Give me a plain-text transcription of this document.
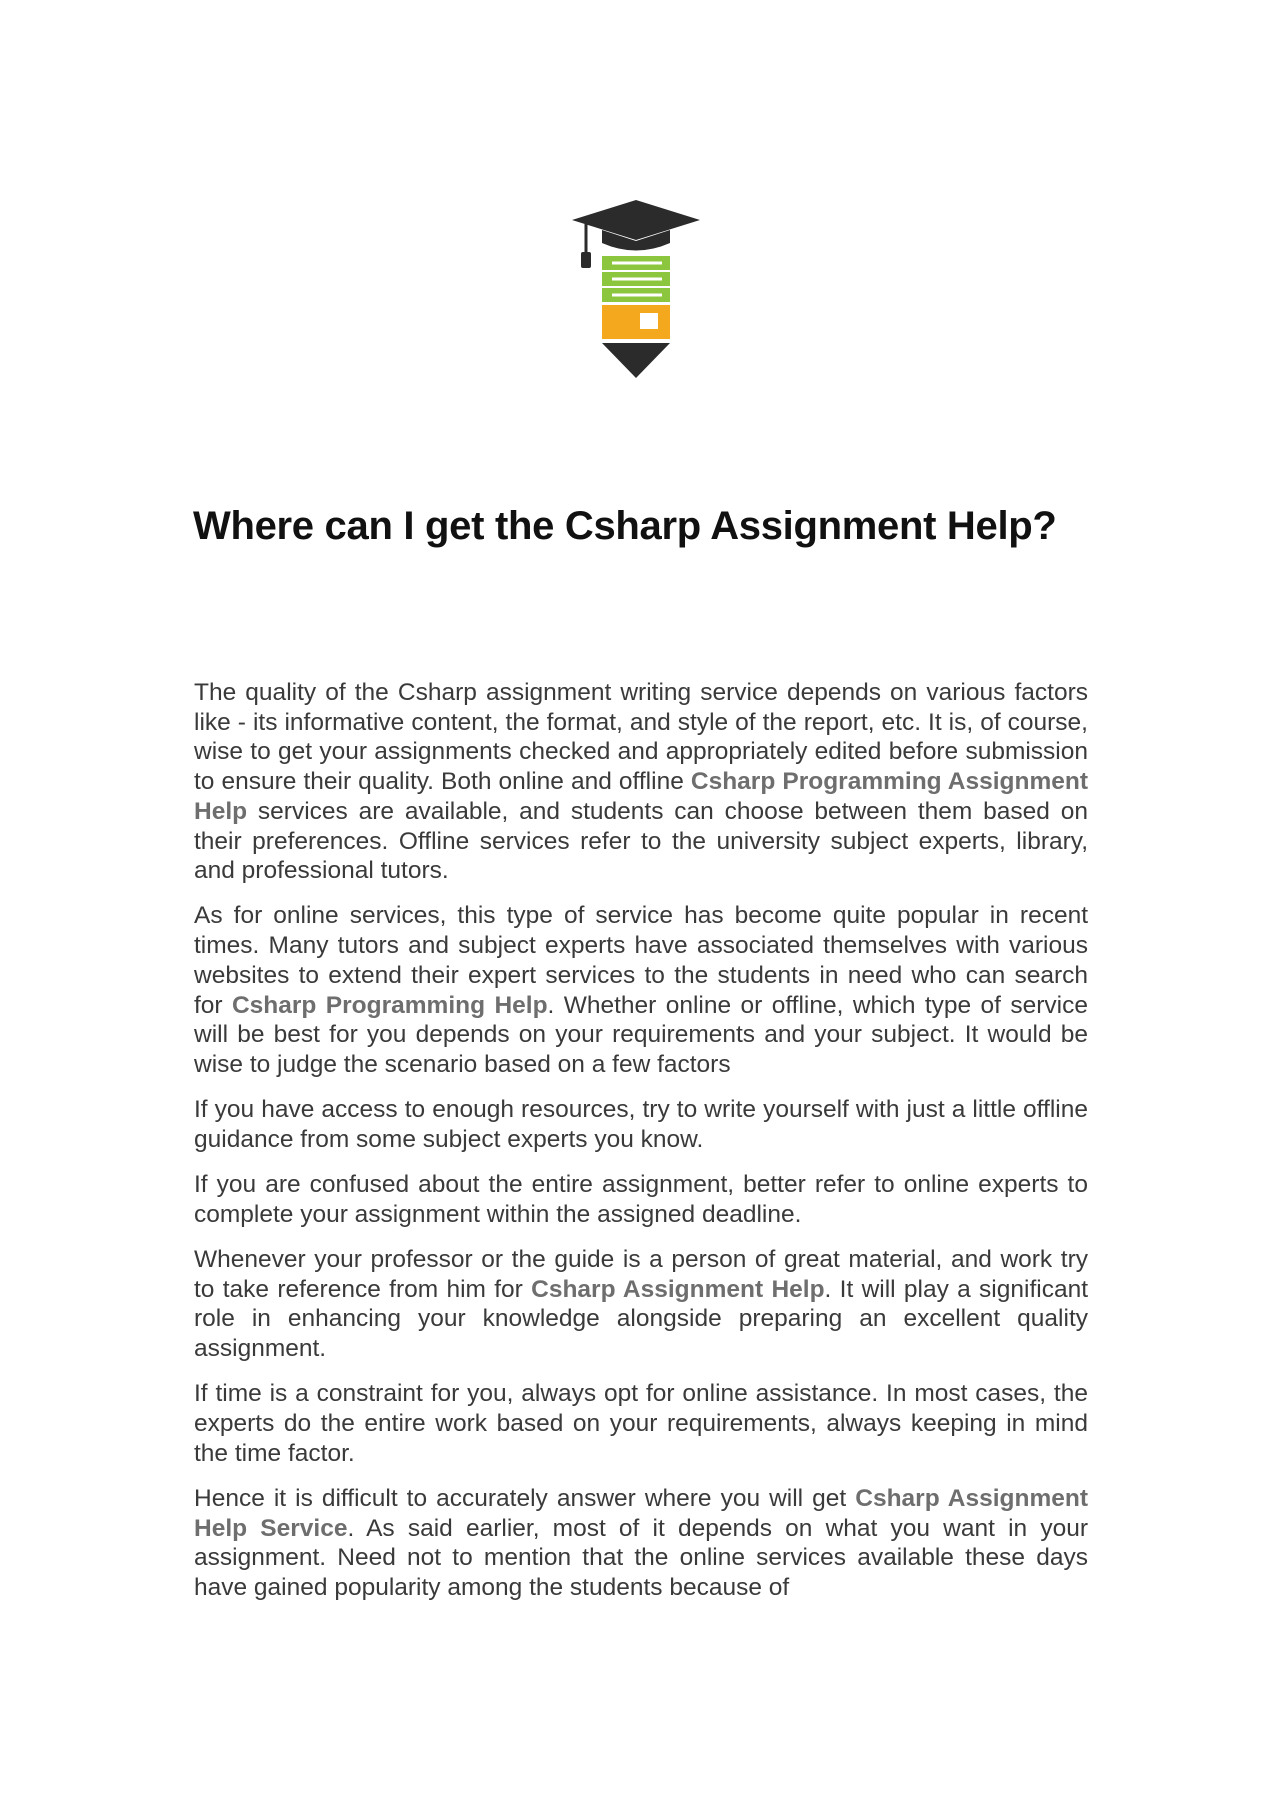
Where can I get the Csharp Assignment Help?

The quality of the Csharp assignment writing service depends on various factors like - its informative content, the format, and style of the report, etc. It is, of course, wise to get your assignments checked and appropriately edited before submission to ensure their quality. Both online and offline Csharp Programming Assignment Help services are available, and students can choose between them based on their preferences. Offline services refer to the university subject experts, library, and professional tutors.

As for online services, this type of service has become quite popular in recent times. Many tutors and subject experts have associated themselves with various websites to extend their expert services to the students in need who can search for Csharp Programming Help. Whether online or offline, which type of service will be best for you depends on your requirements and your subject. It would be wise to judge the scenario based on a few factors

If you have access to enough resources, try to write yourself with just a little offline guidance from some subject experts you know.

If you are confused about the entire assignment, better refer to online experts to complete your assignment within the assigned deadline.

Whenever your professor or the guide is a person of great material, and work try to take reference from him for Csharp Assignment Help. It will play a significant role in enhancing your knowledge alongside preparing an excellent quality assignment.

If time is a constraint for you, always opt for online assistance. In most cases, the experts do the entire work based on your requirements, always keeping in mind the time factor.

Hence it is difficult to accurately answer where you will get Csharp Assignment Help Service. As said earlier, most of it depends on what you want in your assignment. Need not to mention that the online services available these days have gained popularity among the students because of
